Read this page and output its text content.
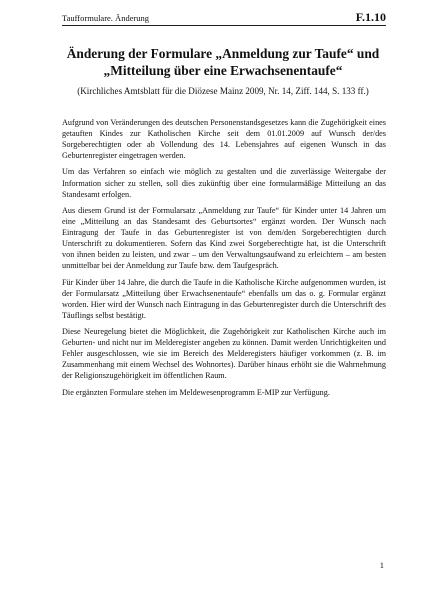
Taufformulare. Änderung	F.1.10
Änderung der Formulare „Anmeldung zur Taufe“ und
„Mitteilung über eine Erwachsenentaufe“
(Kirchliches Amtsblatt für die Diözese Mainz 2009, Nr. 14, Ziff. 144, S. 133 ff.)

Aufgrund von Veränderungen des deutschen Personenstandsgesetzes kann die Zugehörigkeit eines getauften Kindes zur Katholischen Kirche seit dem 01.01.2009 auf Wunsch der/des Sorgeberechtigten oder ab Vollendung des 14. Lebensjahres auf eigenen Wunsch in das Geburtenregister eingetragen werden.

Um das Verfahren so einfach wie möglich zu gestalten und die zuverlässige Weitergabe der Information sicher zu stellen, soll dies zukünftig über eine formularmäßige Mitteilung an das Standesamt erfolgen.

Aus diesem Grund ist der Formularsatz „Anmeldung zur Taufe“ für Kinder unter 14 Jahren um eine „Mitteilung an das Standesamt des Geburtsortes“ ergänzt worden. Der Wunsch nach Eintragung der Taufe in das Geburtenregister ist von dem/den Sorgeberechtigten durch Unterschrift zu dokumentieren. Sofern das Kind zwei Sorgeberechtigte hat, ist die Unterschrift von ihnen beiden zu leisten, und zwar – um den Verwaltungsaufwand zu erleichtern – am besten unmittelbar bei der Anmeldung zur Taufe bzw. dem Taufgespräch.

Für Kinder über 14 Jahre, die durch die Taufe in die Katholische Kirche aufgenommen wurden, ist der Formularsatz „Mitteilung über Erwachsenentaufe“ ebenfalls um das o. g. Formular ergänzt worden. Hier wird der Wunsch nach Eintragung in das Geburtenregister durch die Unterschrift des Täuflings selbst bestätigt.

Diese Neuregelung bietet die Möglichkeit, die Zugehörigkeit zur Katholischen Kirche auch im Geburten- und nicht nur im Melderegister angeben zu können. Damit werden Unrichtigkeiten und Fehler ausgeschlossen, wie sie im Bereich des Melderegisters häufiger vorkommen (z. B. im Zusammenhang mit einem Wechsel des Wohnortes). Darüber hinaus erhöht sie die Wahrnehmung der Religionszugehörigkeit im öffentlichen Raum.

Die ergänzten Formulare stehen im Meldewesenprogramm E-MIP zur Verfügung.

1
